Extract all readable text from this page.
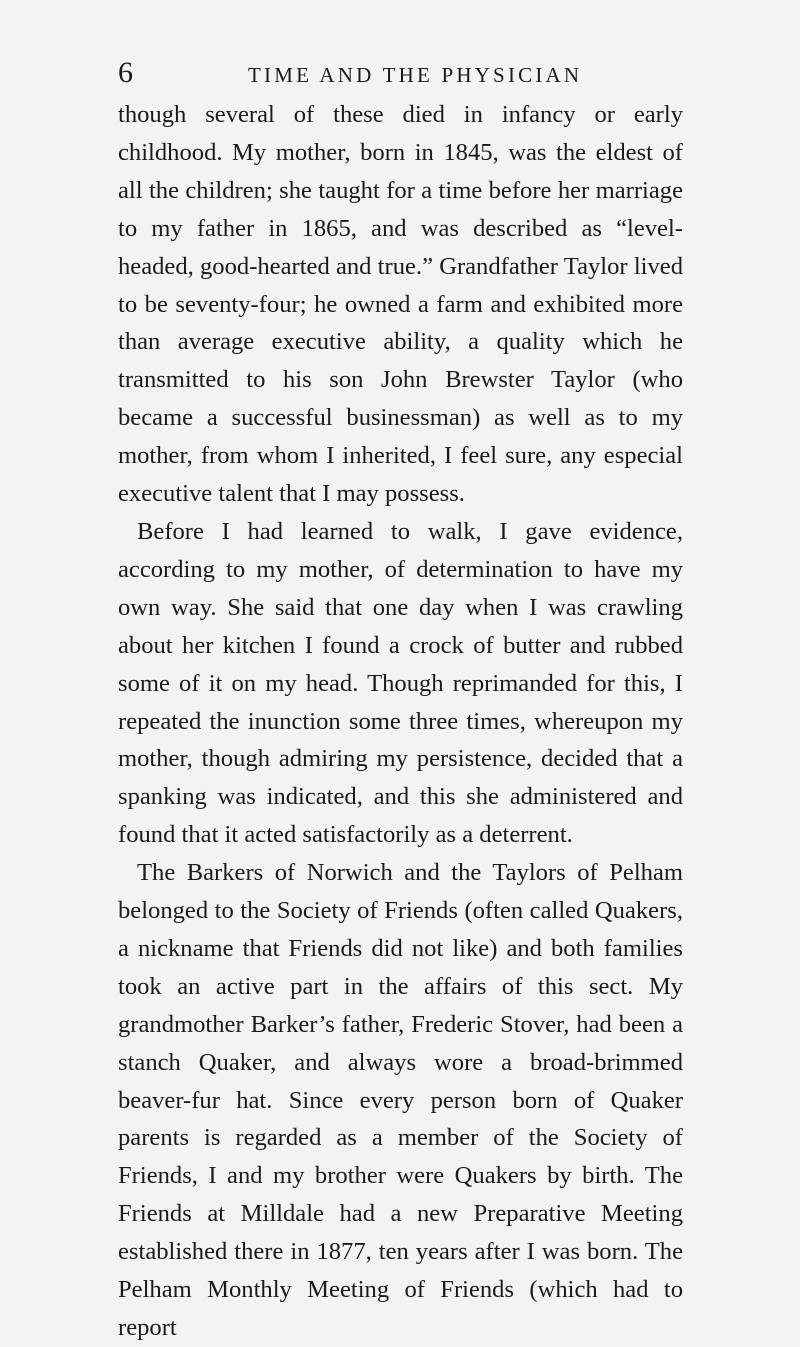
6	TIME AND THE PHYSICIAN

though several of these died in infancy or early childhood. My mother, born in 1845, was the eldest of all the children; she taught for a time before her marriage to my father in 1865, and was described as “level-headed, good-hearted and true.” Grandfather Taylor lived to be seventy-four; he owned a farm and exhibited more than average executive ability, a quality which he transmitted to his son John Brewster Taylor (who became a successful businessman) as well as to my mother, from whom I inherited, I feel sure, any especial executive talent that I may possess.

Before I had learned to walk, I gave evidence, according to my mother, of determination to have my own way. She said that one day when I was crawling about her kitchen I found a crock of butter and rubbed some of it on my head. Though reprimanded for this, I repeated the inunction some three times, whereupon my mother, though admiring my persistence, decided that a spanking was indicated, and this she administered and found that it acted satisfactorily as a deterrent.

The Barkers of Norwich and the Taylors of Pelham belonged to the Society of Friends (often called Quakers, a nickname that Friends did not like) and both families took an active part in the affairs of this sect. My grandmother Barker’s father, Frederic Stover, had been a stanch Quaker, and always wore a broad-brimmed beaver-fur hat. Since every person born of Quaker parents is regarded as a member of the Society of Friends, I and my brother were Quakers by birth. The Friends at Milldale had a new Preparative Meeting established there in 1877, ten years after I was born. The Pelham Monthly Meeting of Friends (which had to report
